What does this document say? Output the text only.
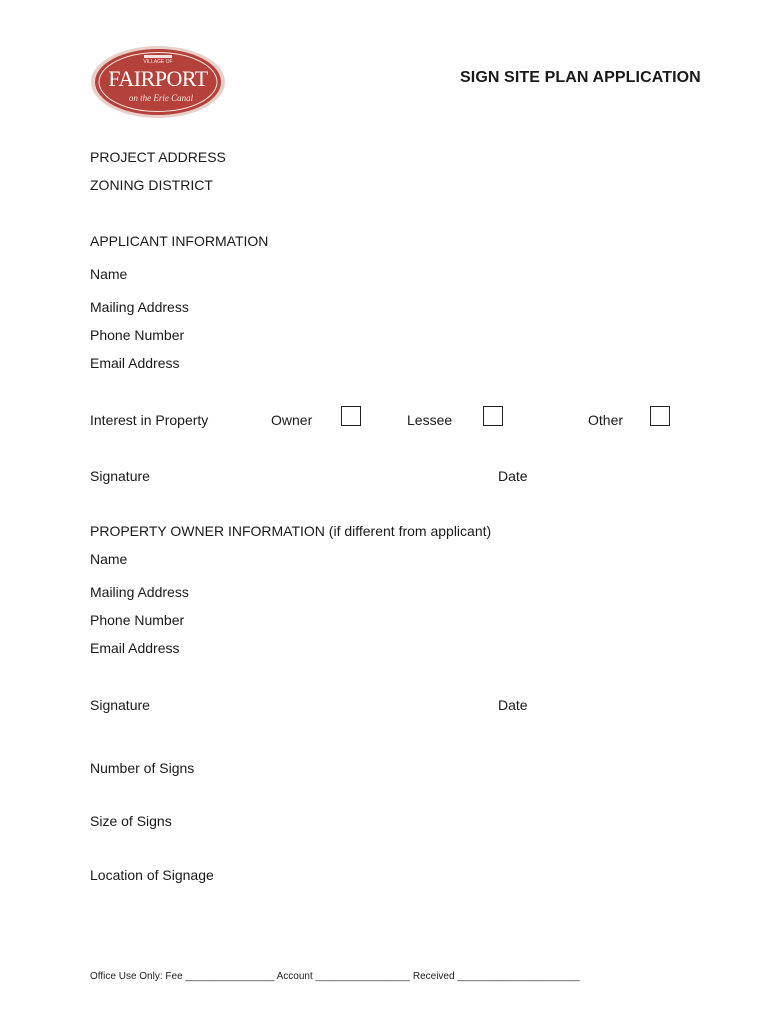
VILLAGE OF
FAIRPORT
on the Erie Canal
SIGN SITE PLAN APPLICATION
PROJECT ADDRESS
ZONING DISTRICT
APPLICANT INFORMATION
Name
Mailing Address
Phone Number
Email Address
Interest in Property	Owner	Lessee	Other
Signature	Date
PROPERTY OWNER INFORMATION (if different from applicant)
Name
Mailing Address
Phone Number
Email Address
Signature	Date
Number of Signs
Size of Signs
Location of Signage
Office Use Only: Fee ________________ Account _________________ Received ______________________
